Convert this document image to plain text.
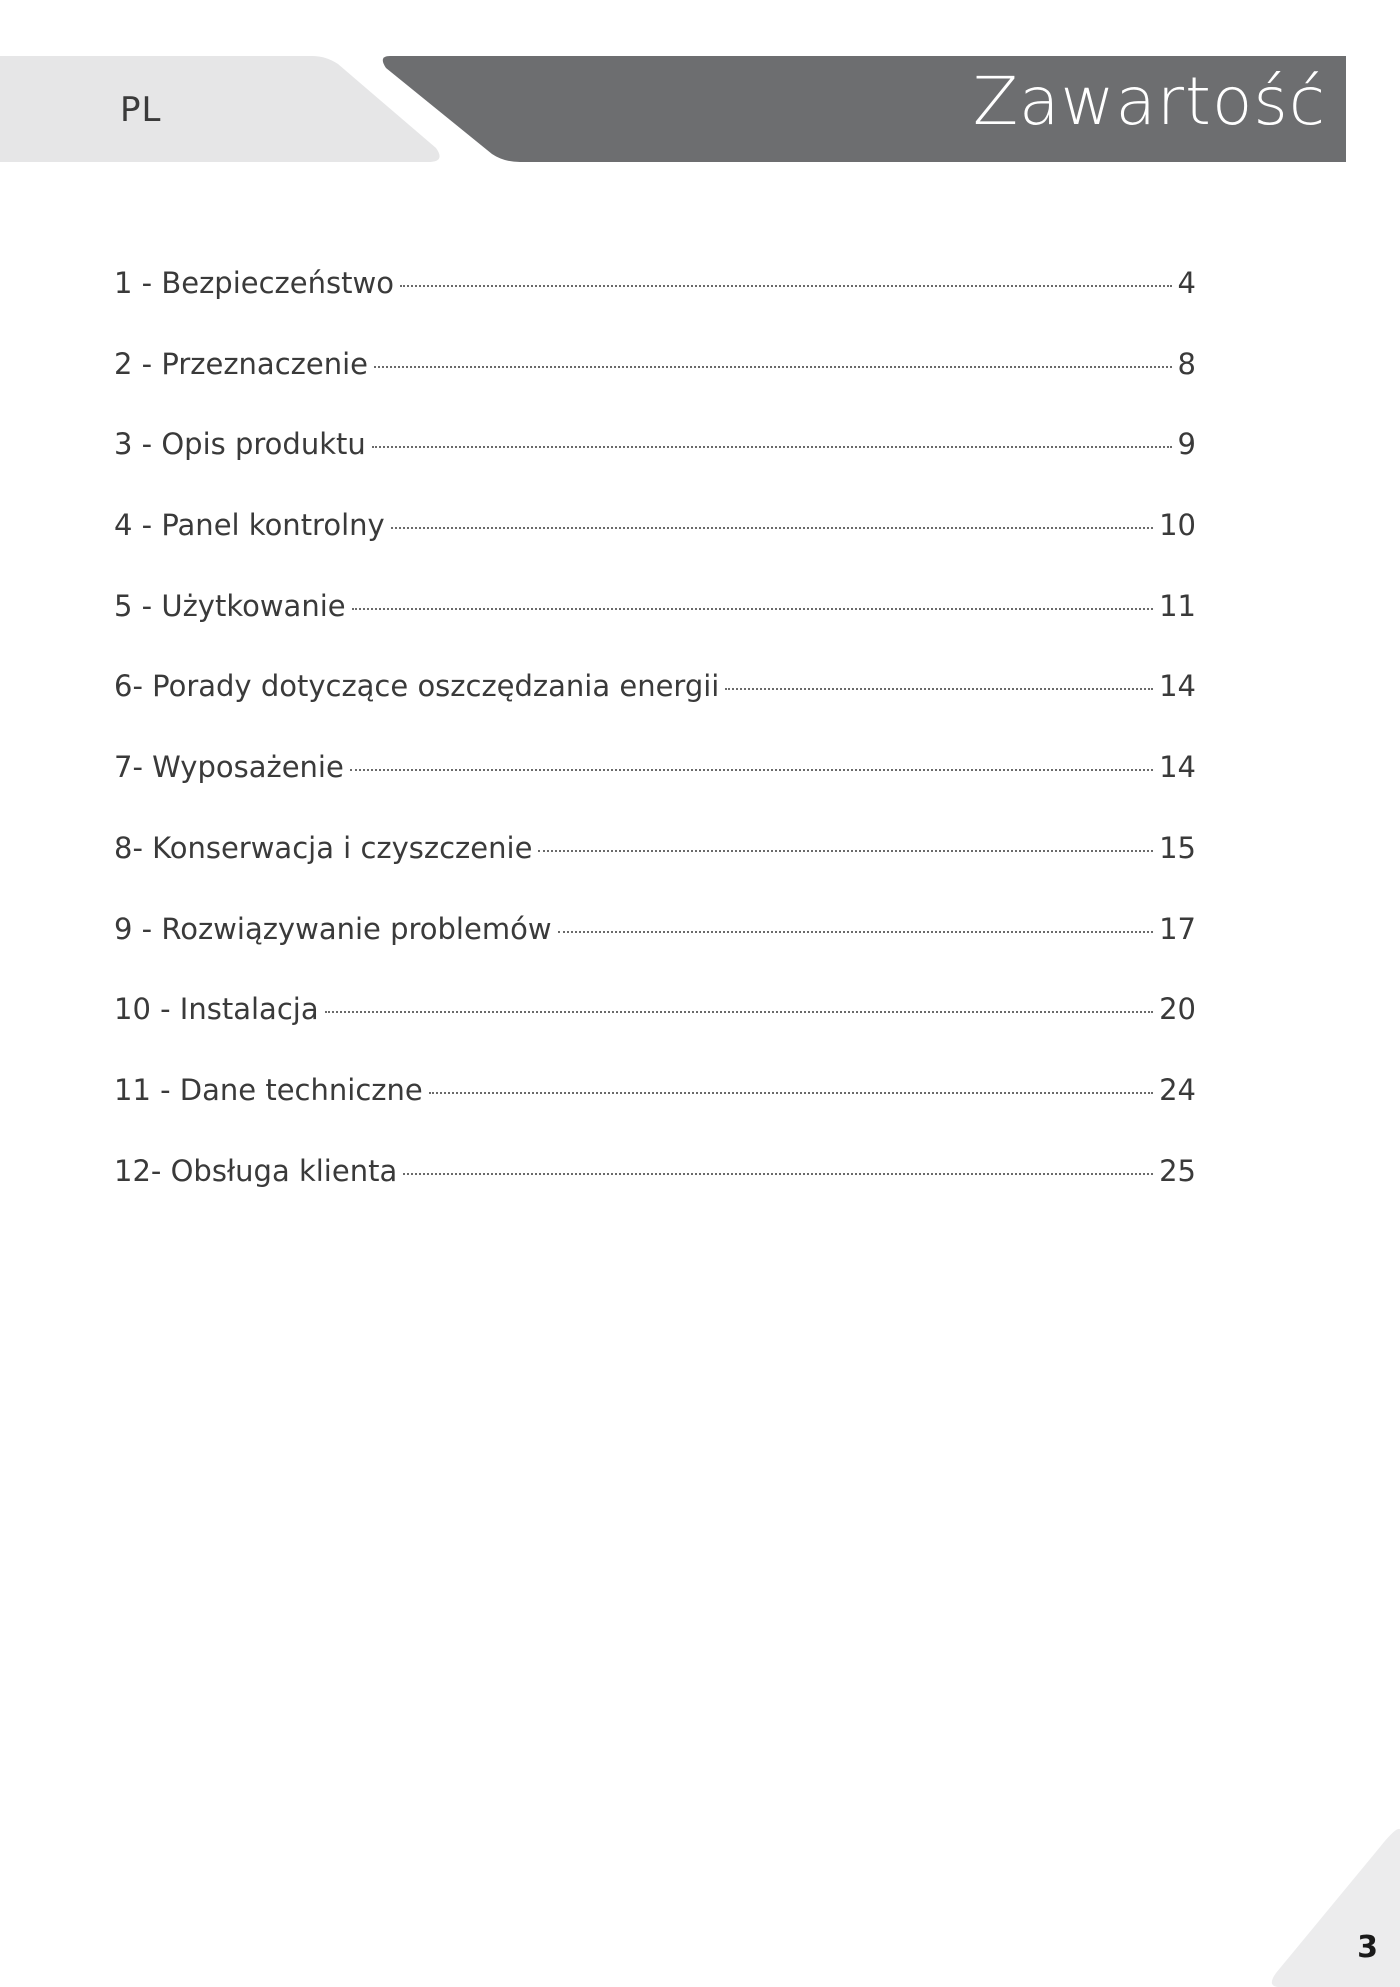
PL	Zawartość
1 - Bezpieczeństwo	4
2 - Przeznaczenie	8
3 - Opis produktu	9
4 - Panel kontrolny	10
5 - Użytkowanie	11
6- Porady dotyczące oszczędzania energii	14
7- Wyposażenie	14
8- Konserwacja i czyszczenie	15
9 - Rozwiązywanie problemów	17
10 - Instalacja	20
11 - Dane techniczne	24
12- Obsługa klienta	25
3
